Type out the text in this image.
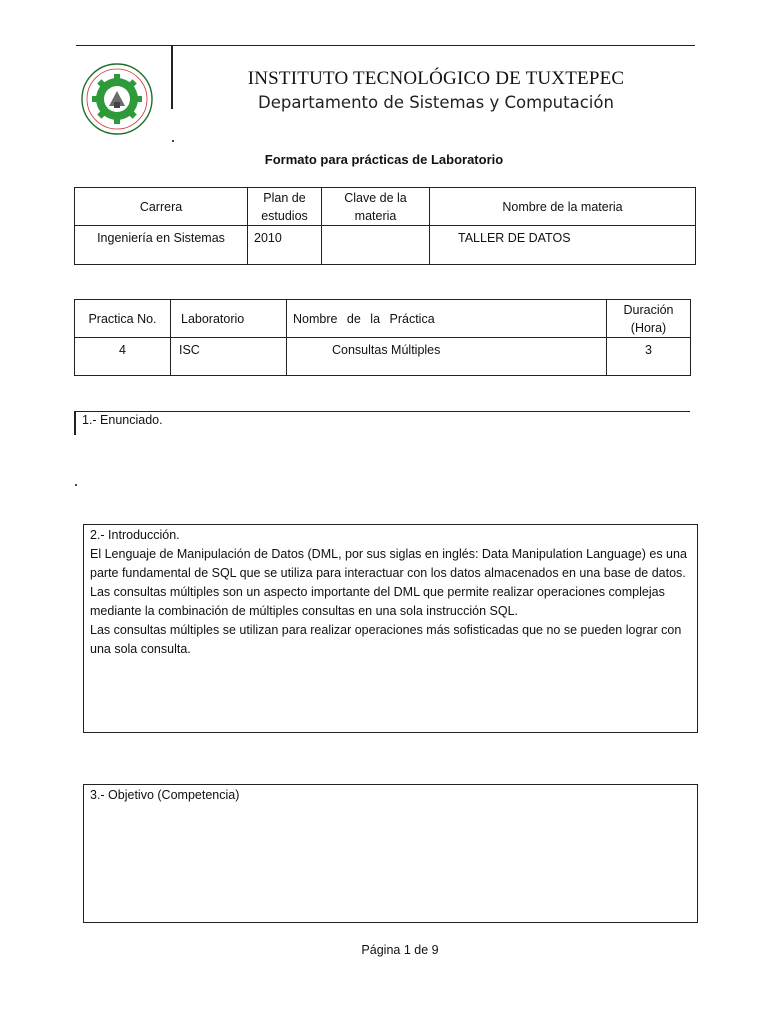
INSTITUTO TECNOLÓGICO DE TUXTEPEC
Departamento de Sistemas y Computación
Formato para prácticas de Laboratorio
Carrera	Plan de estudios	Clave de la materia	Nombre de la materia
Ingeniería en Sistemas	2010		TALLER DE DATOS
Practica No.	Laboratorio	Nombre de la Práctica	Duración (Hora)
4	ISC	Consultas Múltiples	3
1.- Enunciado.

2.- Introducción.

El Lenguaje de Manipulación de Datos (DML, por sus siglas en inglés: Data Manipulation Language) es una parte fundamental de SQL que se utiliza para interactuar con los datos almacenados en una base de datos. Las consultas múltiples son un aspecto importante del DML que permite realizar operaciones complejas mediante la combinación de múltiples consultas en una sola instrucción SQL.

Las consultas múltiples se utilizan para realizar operaciones más sofisticadas que no se pueden lograr con una sola consulta.

3.- Objetivo (Competencia)

Página 1 de 9
